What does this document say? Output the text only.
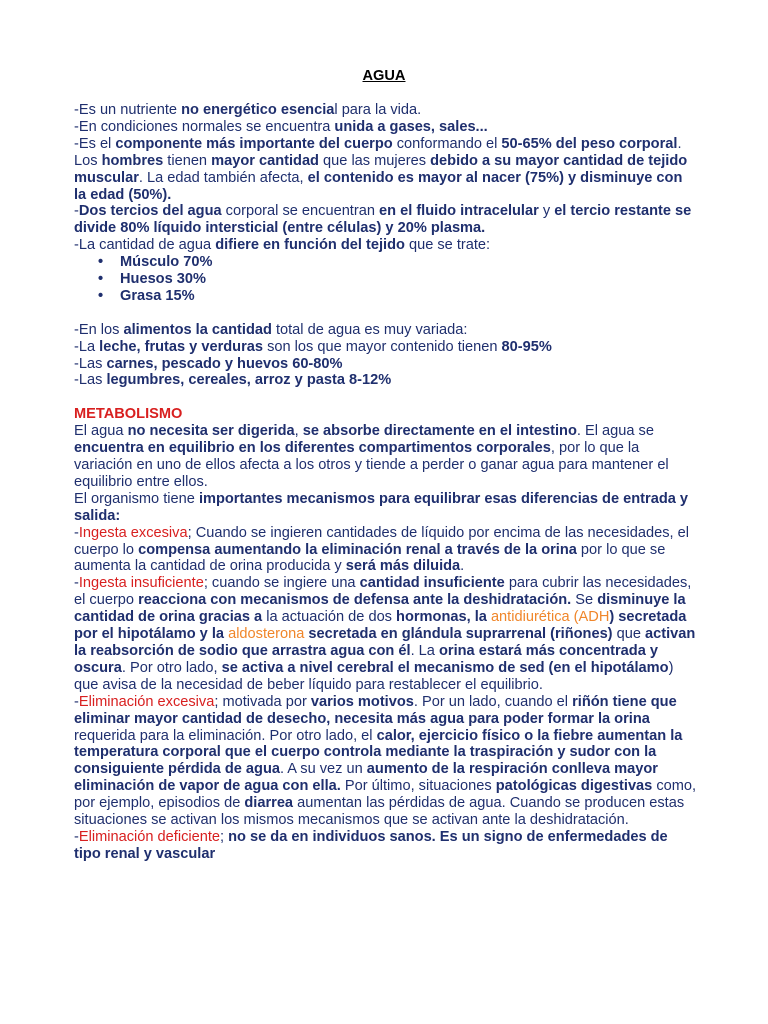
AGUA

-Es un nutriente no energético esencial para la vida.

-En condiciones normales se encuentra unida a gases, sales...

-Es el componente más importante del cuerpo conformando el 50-65% del peso corporal. Los hombres tienen mayor cantidad que las mujeres debido a su mayor cantidad de tejido muscular. La edad también afecta, el contenido es mayor al nacer (75%) y disminuye con la edad (50%).

-Dos tercios del agua corporal se encuentran en el fluido intracelular y el tercio restante se divide 80% líquido intersticial (entre células) y 20% plasma.

-La cantidad de agua difiere en función del tejido que se trate:

• Músculo 70%
• Huesos 30%
• Grasa 15%

-En los alimentos la cantidad total de agua es muy variada:

-La leche, frutas y verduras son los que mayor contenido tienen 80-95%

-Las carnes, pescado y huevos 60-80%

-Las legumbres, cereales, arroz y pasta 8-12%

METABOLISMO

El agua no necesita ser digerida, se absorbe directamente en el intestino. El agua se encuentra en equilibrio en los diferentes compartimentos corporales, por lo que la variación en uno de ellos afecta a los otros y tiende a perder o ganar agua para mantener el equilibrio entre ellos.

El organismo tiene importantes mecanismos para equilibrar esas diferencias de entrada y salida:

-Ingesta excesiva; Cuando se ingieren cantidades de líquido por encima de las necesidades, el cuerpo lo compensa aumentando la eliminación renal a través de la orina por lo que se aumenta la cantidad de orina producida y será más diluida.

-Ingesta insuficiente; cuando se ingiere una cantidad insuficiente para cubrir las necesidades, el cuerpo reacciona con mecanismos de defensa ante la deshidratación. Se disminuye la cantidad de orina gracias a la actuación de dos hormonas, la antidiurética (ADH) secretada por el hipotálamo y la aldosterona secretada en glándula suprarrenal (riñones) que activan la reabsorción de sodio que arrastra agua con él. La orina estará más concentrada y oscura. Por otro lado, se activa a nivel cerebral el mecanismo de sed (en el hipotálamo) que avisa de la necesidad de beber líquido para restablecer el equilibrio.

-Eliminación excesiva; motivada por varios motivos. Por un lado, cuando el riñón tiene que eliminar mayor cantidad de desecho, necesita más agua para poder formar la orina requerida para la eliminación. Por otro lado, el calor, ejercicio físico o la fiebre aumentan la temperatura corporal que el cuerpo controla mediante la traspiración y sudor con la consiguiente pérdida de agua. A su vez un aumento de la respiración conlleva mayor eliminación de vapor de agua con ella. Por último, situaciones patológicas digestivas como, por ejemplo, episodios de diarrea aumentan las pérdidas de agua. Cuando se producen estas situaciones se activan los mismos mecanismos que se activan ante la deshidratación.

-Eliminación deficiente; no se da en individuos sanos. Es un signo de enfermedades de tipo renal y vascular
